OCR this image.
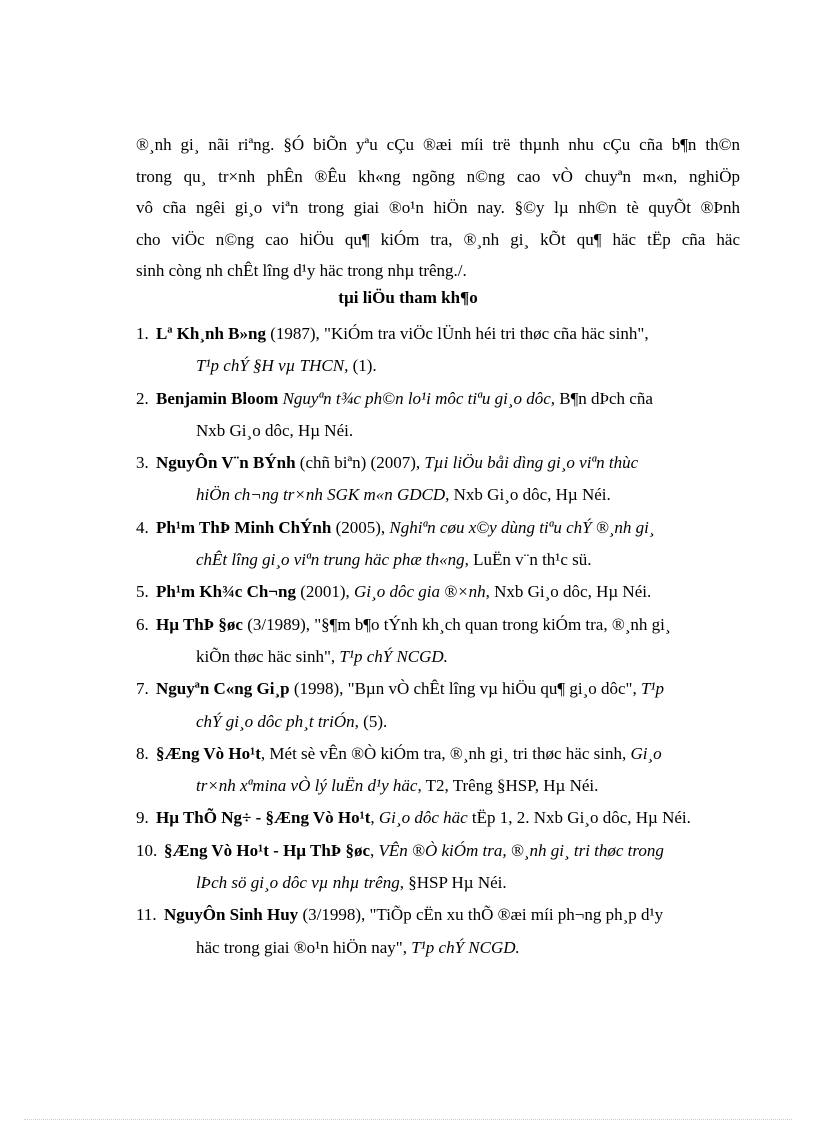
®¸nh gi¸ nãi riªng. §Ó biÕn yªu cÇu ®æi míi trë thµnh nhu cÇu cña b¶n th©n
trong qu¸ tr×nh phÊn ®Êu kh«ng ngõng n©ng cao vÒ chuyªn m«n, nghiÖp
vô cña ngêi gi¸o viªn trong giai ®o¹n hiÖn nay. §©y lµ nh©n tè quyÕt ®Þnh
cho viÖc n©ng cao hiÖu qu¶ kiÓm tra, ®¸nh gi¸ kÕt qu¶ häc tËp cña häc
sinh còng nh chÊt lîng d¹y häc trong nhµ trêng./.
tµi liÖu tham kh¶o
1. Lª Kh¸nh B»ng (1987), "KiÓm tra viÖc lÜnh héi tri thøc cña häc sinh",
T¹p chÝ §H vµ THCN, (1).
2. Benjamin Bloom Nguyªn t¾c ph©n lo¹i môc tiªu gi¸o dôc, B¶n dÞch cña
Nxb Gi¸o dôc, Hµ Néi.
3. NguyÔn V¨n BÝnh (chñ biªn) (2007), Tµi liÖu båi dìng gi¸o viªn thùc
hiÖn ch¬ng tr×nh SGK m«n GDCD, Nxb Gi¸o dôc, Hµ Néi.
4. Ph¹m ThÞ Minh ChÝnh (2005), Nghiªn cøu x©y dùng tiªu chÝ ®¸nh gi¸
chÊt lîng gi¸o viªn trung häc phæ th«ng, LuËn v¨n th¹c sü.
5. Ph¹m Kh¾c Ch¬ng (2001), Gi¸o dôc gia ®×nh, Nxb Gi¸o dôc, Hµ Néi.
6. Hµ ThÞ §øc (3/1989), "§¶m b¶o tÝnh kh¸ch quan trong kiÓm tra, ®¸nh gi¸
kiÕn thøc häc sinh", T¹p chÝ NCGD.
7. Nguyªn C«ng Gi¸p (1998), "Bµn vÒ chÊt lîng vµ hiÖu qu¶ gi¸o dôc", T¹p
chÝ gi¸o dôc ph¸t triÓn, (5).
8. §Æng Vò Ho¹t, Mét sè vÊn ®Ò kiÓm tra, ®¸nh gi¸ tri thøc häc sinh, Gi¸o
tr×nh xªmina vÒ lý luËn d¹y häc, T2, Trêng §HSP, Hµ Néi.
9. Hµ ThÕ Ng÷ - §Æng Vò Ho¹t, Gi¸o dôc häc tËp 1, 2. Nxb Gi¸o dôc, Hµ Néi.
10. §Æng Vò Ho¹t - Hµ ThÞ §øc, VÊn ®Ò kiÓm tra, ®¸nh gi¸ tri thøc trong
lÞch sö gi¸o dôc vµ nhµ trêng, §HSP Hµ Néi.
11. NguyÔn Sinh Huy (3/1998), "TiÕp cËn xu thÕ ®æi míi ph¬ng ph¸p d¹y
häc trong giai ®o¹n hiÖn nay", T¹p chÝ NCGD.
